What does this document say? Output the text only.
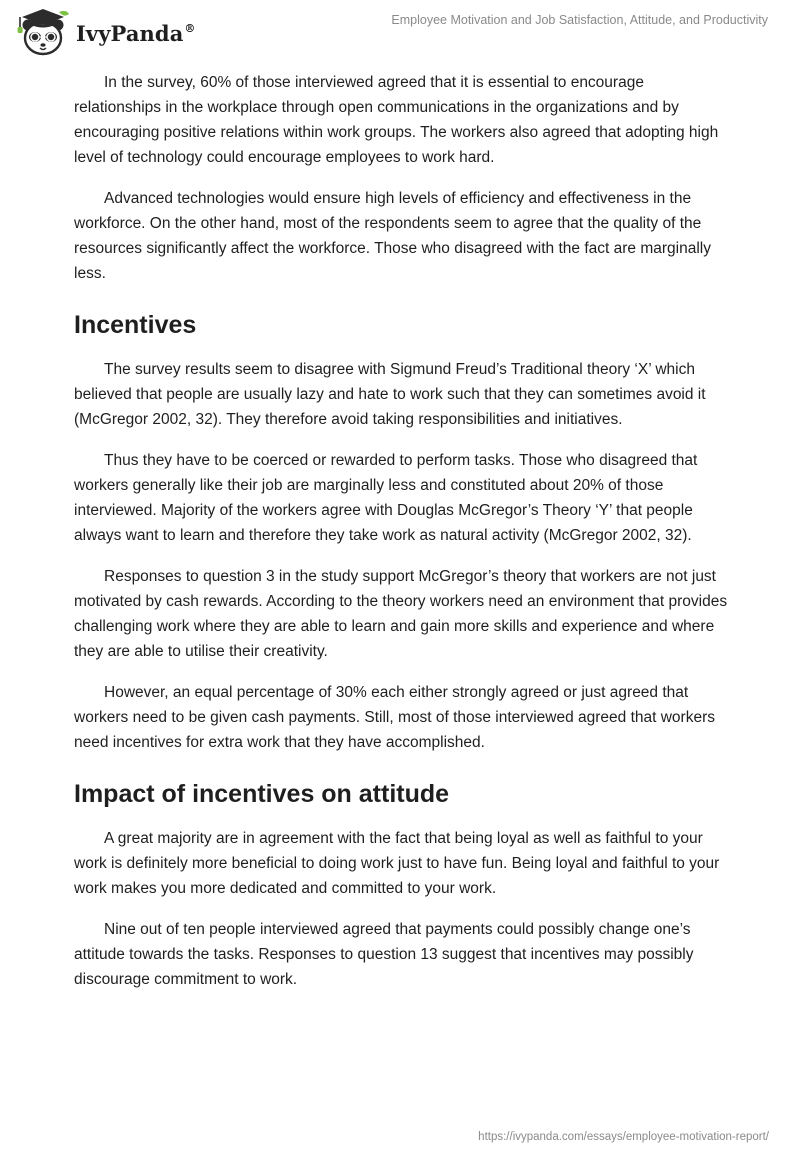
IvyPanda®
Employee Motivation and Job Satisfaction, Attitude, and Productivity

In the survey, 60% of those interviewed agreed that it is essential to encourage relationships in the workplace through open communications in the organizations and by encouraging positive relations within work groups. The workers also agreed that adopting high level of technology could encourage employees to work hard.

Advanced technologies would ensure high levels of efficiency and effectiveness in the workforce. On the other hand, most of the respondents seem to agree that the quality of the resources significantly affect the workforce. Those who disagreed with the fact are marginally less.

Incentives

The survey results seem to disagree with Sigmund Freud’s Traditional theory ‘X’ which believed that people are usually lazy and hate to work such that they can sometimes avoid it (McGregor 2002, 32). They therefore avoid taking responsibilities and initiatives.

Thus they have to be coerced or rewarded to perform tasks. Those who disagreed that workers generally like their job are marginally less and constituted about 20% of those interviewed. Majority of the workers agree with Douglas McGregor’s Theory ‘Y’ that people always want to learn and therefore they take work as natural activity (McGregor 2002, 32).

Responses to question 3 in the study support McGregor’s theory that workers are not just motivated by cash rewards. According to the theory workers need an environment that provides challenging work where they are able to learn and gain more skills and experience and where they are able to utilise their creativity.

However, an equal percentage of 30% each either strongly agreed or just agreed that workers need to be given cash payments. Still, most of those interviewed agreed that workers need incentives for extra work that they have accomplished.

Impact of incentives on attitude

A great majority are in agreement with the fact that being loyal as well as faithful to your work is definitely more beneficial to doing work just to have fun. Being loyal and faithful to your work makes you more dedicated and committed to your work.

Nine out of ten people interviewed agreed that payments could possibly change one’s attitude towards the tasks. Responses to question 13 suggest that incentives may possibly discourage commitment to work.

https://ivypanda.com/essays/employee-motivation-report/
